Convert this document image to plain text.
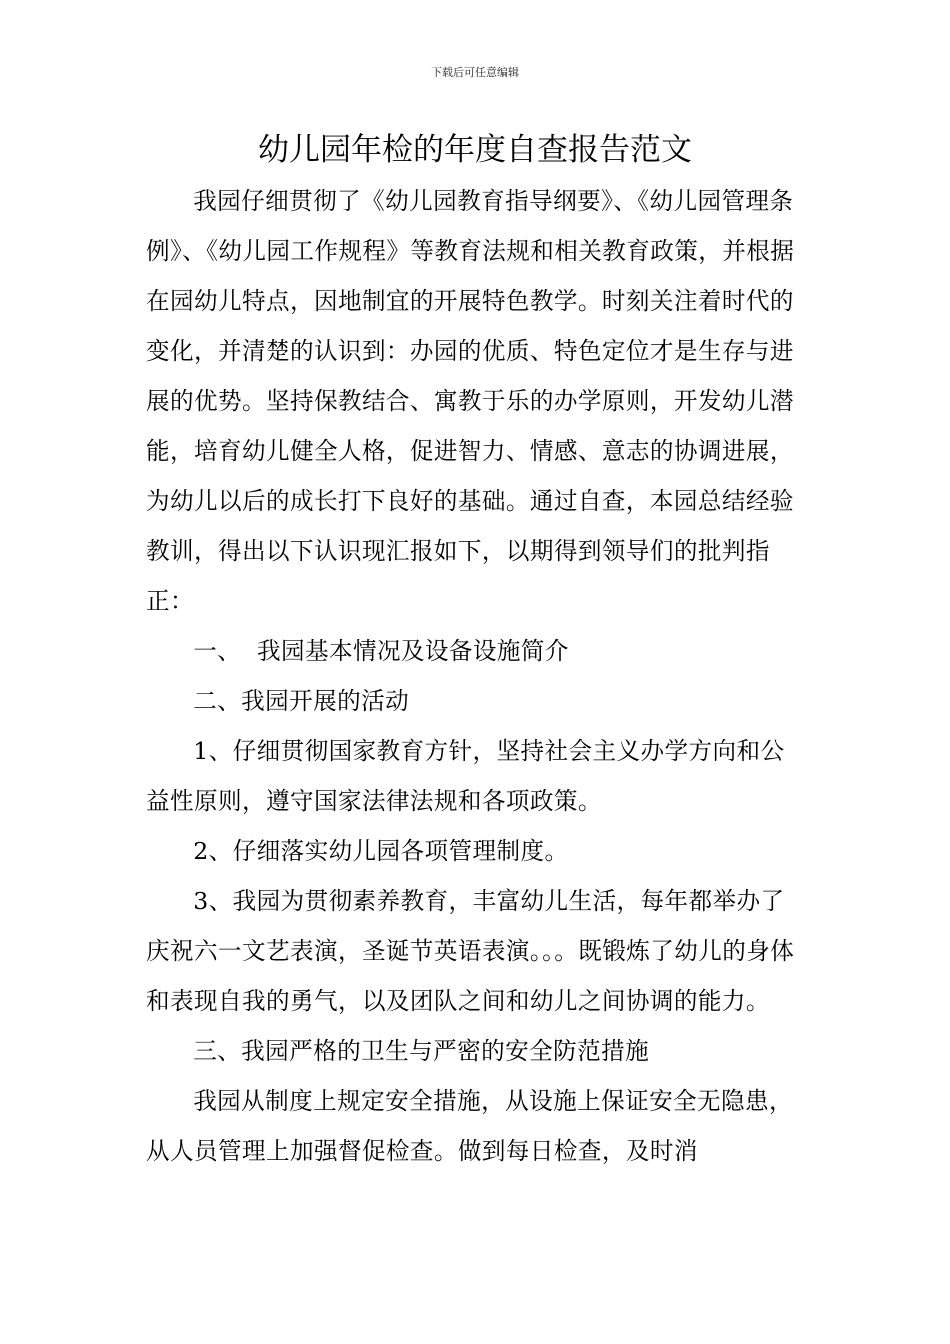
下载后可任意编辑
幼儿园年检的年度自查报告范文

我园仔细贯彻了《幼儿园教育指导纲要》、《幼儿园管理条例》、《幼儿园工作规程》等教育法规和相关教育政策，并根据在园幼儿特点，因地制宜的开展特色教学。时刻关注着时代的变化，并清楚的认识到：办园的优质、特色定位才是生存与进展的优势。坚持保教结合、寓教于乐的办学原则，开发幼儿潜能，培育幼儿健全人格，促进智力、情感、意志的协调进展，为幼儿以后的成长打下良好的基础。通过自查，本园总结经验教训，得出以下认识现汇报如下，以期得到领导们的批判指正：

一、  我园基本情况及设备设施简介

二、我园开展的活动

1、仔细贯彻国家教育方针，坚持社会主义办学方向和公益性原则，遵守国家法律法规和各项政策。

2、仔细落实幼儿园各项管理制度。

3、我园为贯彻素养教育，丰富幼儿生活，每年都举办了庆祝六一文艺表演，圣诞节英语表演。。。既锻炼了幼儿的身体和表现自我的勇气，以及团队之间和幼儿之间协调的能力。

三、我园严格的卫生与严密的安全防范措施

我园从制度上规定安全措施，从设施上保证安全无隐患，从人员管理上加强督促检查。做到每日检查，及时消
